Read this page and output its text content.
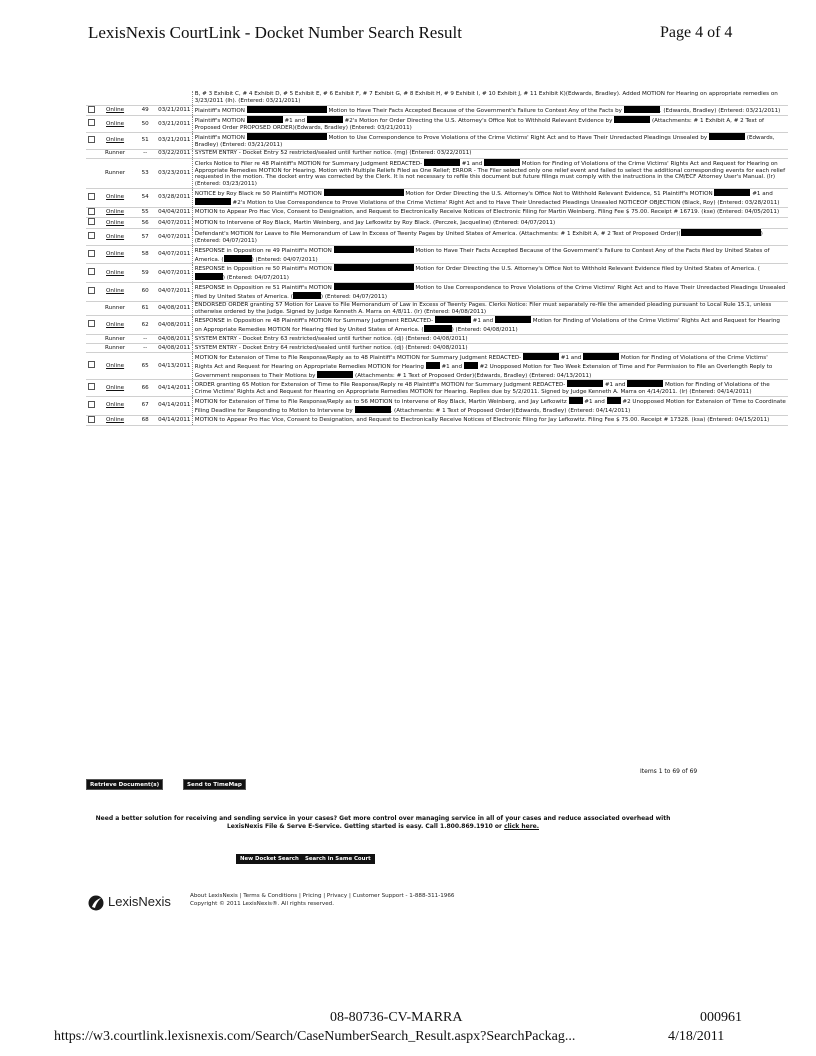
LexisNexis CourtLink - Docket Number Search Result	Page 4 of 4
				B, # 3 Exhibit C, # 4 Exhibit D, # 5 Exhibit E, # 6 Exhibit F, # 7 Exhibit G, # 8 Exhibit H, # 9 Exhibit I, # 10 Exhibit J, # 11 Exhibit K)(Edwards, Bradley). Added MOTION for Hearing on appropriate remedies on 3/23/2011 (lh). (Entered: 03/21/2011)
	Online	49	03/21/2011	Plaintiff's MOTION Motion to Have Their Facts Accepted Because of the Government's Failure to Contest Any of the Facts by . (Edwards, Bradley) (Entered: 03/21/2011)
	Online	50	03/21/2011	Plaintiff's MOTION #1 and #2's Motion for Order Directing the U.S. Attorney's Office Not to Withhold Relevant Evidence by (Attachments: # 1 Exhibit A, # 2 Text of Proposed Order PROPOSED ORDER)(Edwards, Bradley) (Entered: 03/21/2011)
	Online	51	03/21/2011	Plaintiff's MOTION Motion to Use Correspondence to Prove Violations of the Crime Victims' Right Act and to Have Their Unredacted Pleadings Unsealed by (Edwards, Bradley) (Entered: 03/21/2011)
	Runner	--	03/22/2011	SYSTEM ENTRY - Docket Entry 52 restricted/sealed until further notice. (mg) (Entered: 03/22/2011)
	Runner	53	03/23/2011	Clerks Notice to Filer re 48 Plaintiff's MOTION for Summary Judgment REDACTED- #1 and Motion for Finding of Violations of the Crime Victims' Rights Act and Request for Hearing on Appropriate Remedies MOTION for Hearing. Motion with Multiple Reliefs Filed as One Relief; ERROR - The Filer selected only one relief event and failed to select the additional corresponding events for each relief requested in the motion. The docket entry was corrected by the Clerk. It is not necessary to refile this document but future filings must comply with the instructions in the CM/ECF Attorney User's Manual. (lr) (Entered: 03/23/2011)
	Online	54	03/28/2011	NOTICE by Roy Black re 50 Plaintiff's MOTION Motion for Order Directing the U.S. Attorney's Office Not to Withhold Relevant Evidence, 51 Plaintiff's MOTION #1 and  #2's Motion to Use Correspondence to Prove Violations of the Crime Victims' Right Act and to Have Their Unredacted Pleadings Unsealed NOTICEOF OBJECTION (Black, Roy) (Entered: 03/28/2011)
	Online	55	04/04/2011	MOTION to Appear Pro Hac Vice, Consent to Designation, and Request to Electronically Receive Notices of Electronic Filing for Martin Weinberg. Filing Fee $ 75.00. Receipt # 16719. (kse) (Entered: 04/05/2011)
	Online	56	04/07/2011	MOTION to Intervene of Roy Black, Martin Weinberg, and Jay Lefkowitz by Roy Black. (Perczek, Jacqueline) (Entered: 04/07/2011)
	Online	57	04/07/2011	Defendant's MOTION for Leave to File Memorandum of Law In Excess of Twenty Pages by United States of America. (Attachments: # 1 Exhibit A, # 2 Text of Proposed Order)( ) (Entered: 04/07/2011)
	Online	58	04/07/2011	RESPONSE in Opposition re 49 Plaintiff's MOTION Motion to Have Their Facts Accepted Because of the Government's Failure to Contest Any of the Facts filed by United States of America. ( ) (Entered: 04/07/2011)
	Online	59	04/07/2011	RESPONSE in Opposition re 50 Plaintiff's MOTION Motion for Order Directing the U.S. Attorney's Office Not to Withhold Relevant Evidence filed by United States of America. () (Entered: 04/07/2011)
	Online	60	04/07/2011	RESPONSE in Opposition re 51 Plaintiff's MOTION Motion to Use Correspondence to Prove Violations of the Crime Victims' Right Act and to Have Their Unredacted Pleadings Unsealed filed by United States of America. ( ) (Entered: 04/07/2011)
	Runner	61	04/08/2011	ENDORSED ORDER granting 57 Motion for Leave to File Memorandum of Law in Excess of Twenty Pages. Clerks Notice: Filer must separately re-file the amended pleading pursuant to Local Rule 15.1, unless otherwise ordered by the Judge. Signed by Judge Kenneth A. Marra on 4/8/11. (lr) (Entered: 04/08/2011)
	Online	62	04/08/2011	RESPONSE in Opposition re 48 Plaintiff's MOTION for Summary Judgment REDACTED- #1 and Motion for Finding of Violations of the Crime Victims' Rights Act and Request for Hearing on Appropriate Remedies MOTION for Hearing filed by United States of America. ( ) (Entered: 04/08/2011)
	Runner	--	04/08/2011	SYSTEM ENTRY - Docket Entry 63 restricted/sealed until further notice. (dj) (Entered: 04/08/2011)
	Runner	--	04/08/2011	SYSTEM ENTRY - Docket Entry 64 restricted/sealed until further notice. (dj) (Entered: 04/08/2011)
	Online	65	04/13/2011	MOTION for Extension of Time to File Response/Reply as to 48 Plaintiff's MOTION for Summary Judgment REDACTED- #1 and Motion for Finding of Violations of the Crime Victims' Rights Act and Request for Hearing on Appropriate Remedies MOTION for Hearing #1 and #2 Unopposed Motion for Two Week Extension of Time and For Permission to File an Overlength Reply to Government responses to Their Motions by (Attachments: # 1 Text of Proposed Order)(Edwards, Bradley) (Entered: 04/13/2011)
	Online	66	04/14/2011	ORDER granting 65 Motion for Extension of Time to File Response/Reply re 48 Plaintiff's MOTION for Summary Judgment REDACTED- #1 and Motion for Finding of Violations of the Crime Victims' Rights Act and Request for Hearing on Appropriate Remedies MOTION for Hearing. Replies due by 5/2/2011. Signed by Judge Kenneth A. Marra on 4/14/2011. (lr) (Entered: 04/14/2011)
	Online	67	04/14/2011	MOTION for Extension of Time to File Response/Reply as to 56 MOTION to Intervene of Roy Black, Martin Weinberg, and Jay Lefkowitz #1 and #2 Unopposed Motion for Extension of Time to Coordinate Filing Deadline for Responding to Motion to Intervene by . (Attachments: # 1 Text of Proposed Order)(Edwards, Bradley) (Entered: 04/14/2011)
	Online	68	04/14/2011	MOTION to Appear Pro Hac Vice, Consent to Designation, and Request to Electronically Receive Notices of Electronic Filing for Jay Lefkowitz. Filing Fee $ 75.00. Receipt # 17328. (ksa) (Entered: 04/15/2011)
Items 1 to 69 of 69
Retrieve Document(s)	Send to TimeMap
Need a better solution for receiving and sending service in your cases? Get more control over managing service in all of your cases and reduce associated overhead with LexisNexis File & Serve E-Service. Getting started is easy. Call 1.800.869.1910 or click here.
New Docket Search	Search in Same Court
LexisNexis	About LexisNexis | Terms & Conditions | Pricing | Privacy | Customer Support - 1-888-311-1966
Copyright © 2011 LexisNexis®. All rights reserved.
08-80736-CV-MARRA	000961
https://w3.courtlink.lexisnexis.com/Search/CaseNumberSearch_Result.aspx?SearchPackag...	4/18/2011
